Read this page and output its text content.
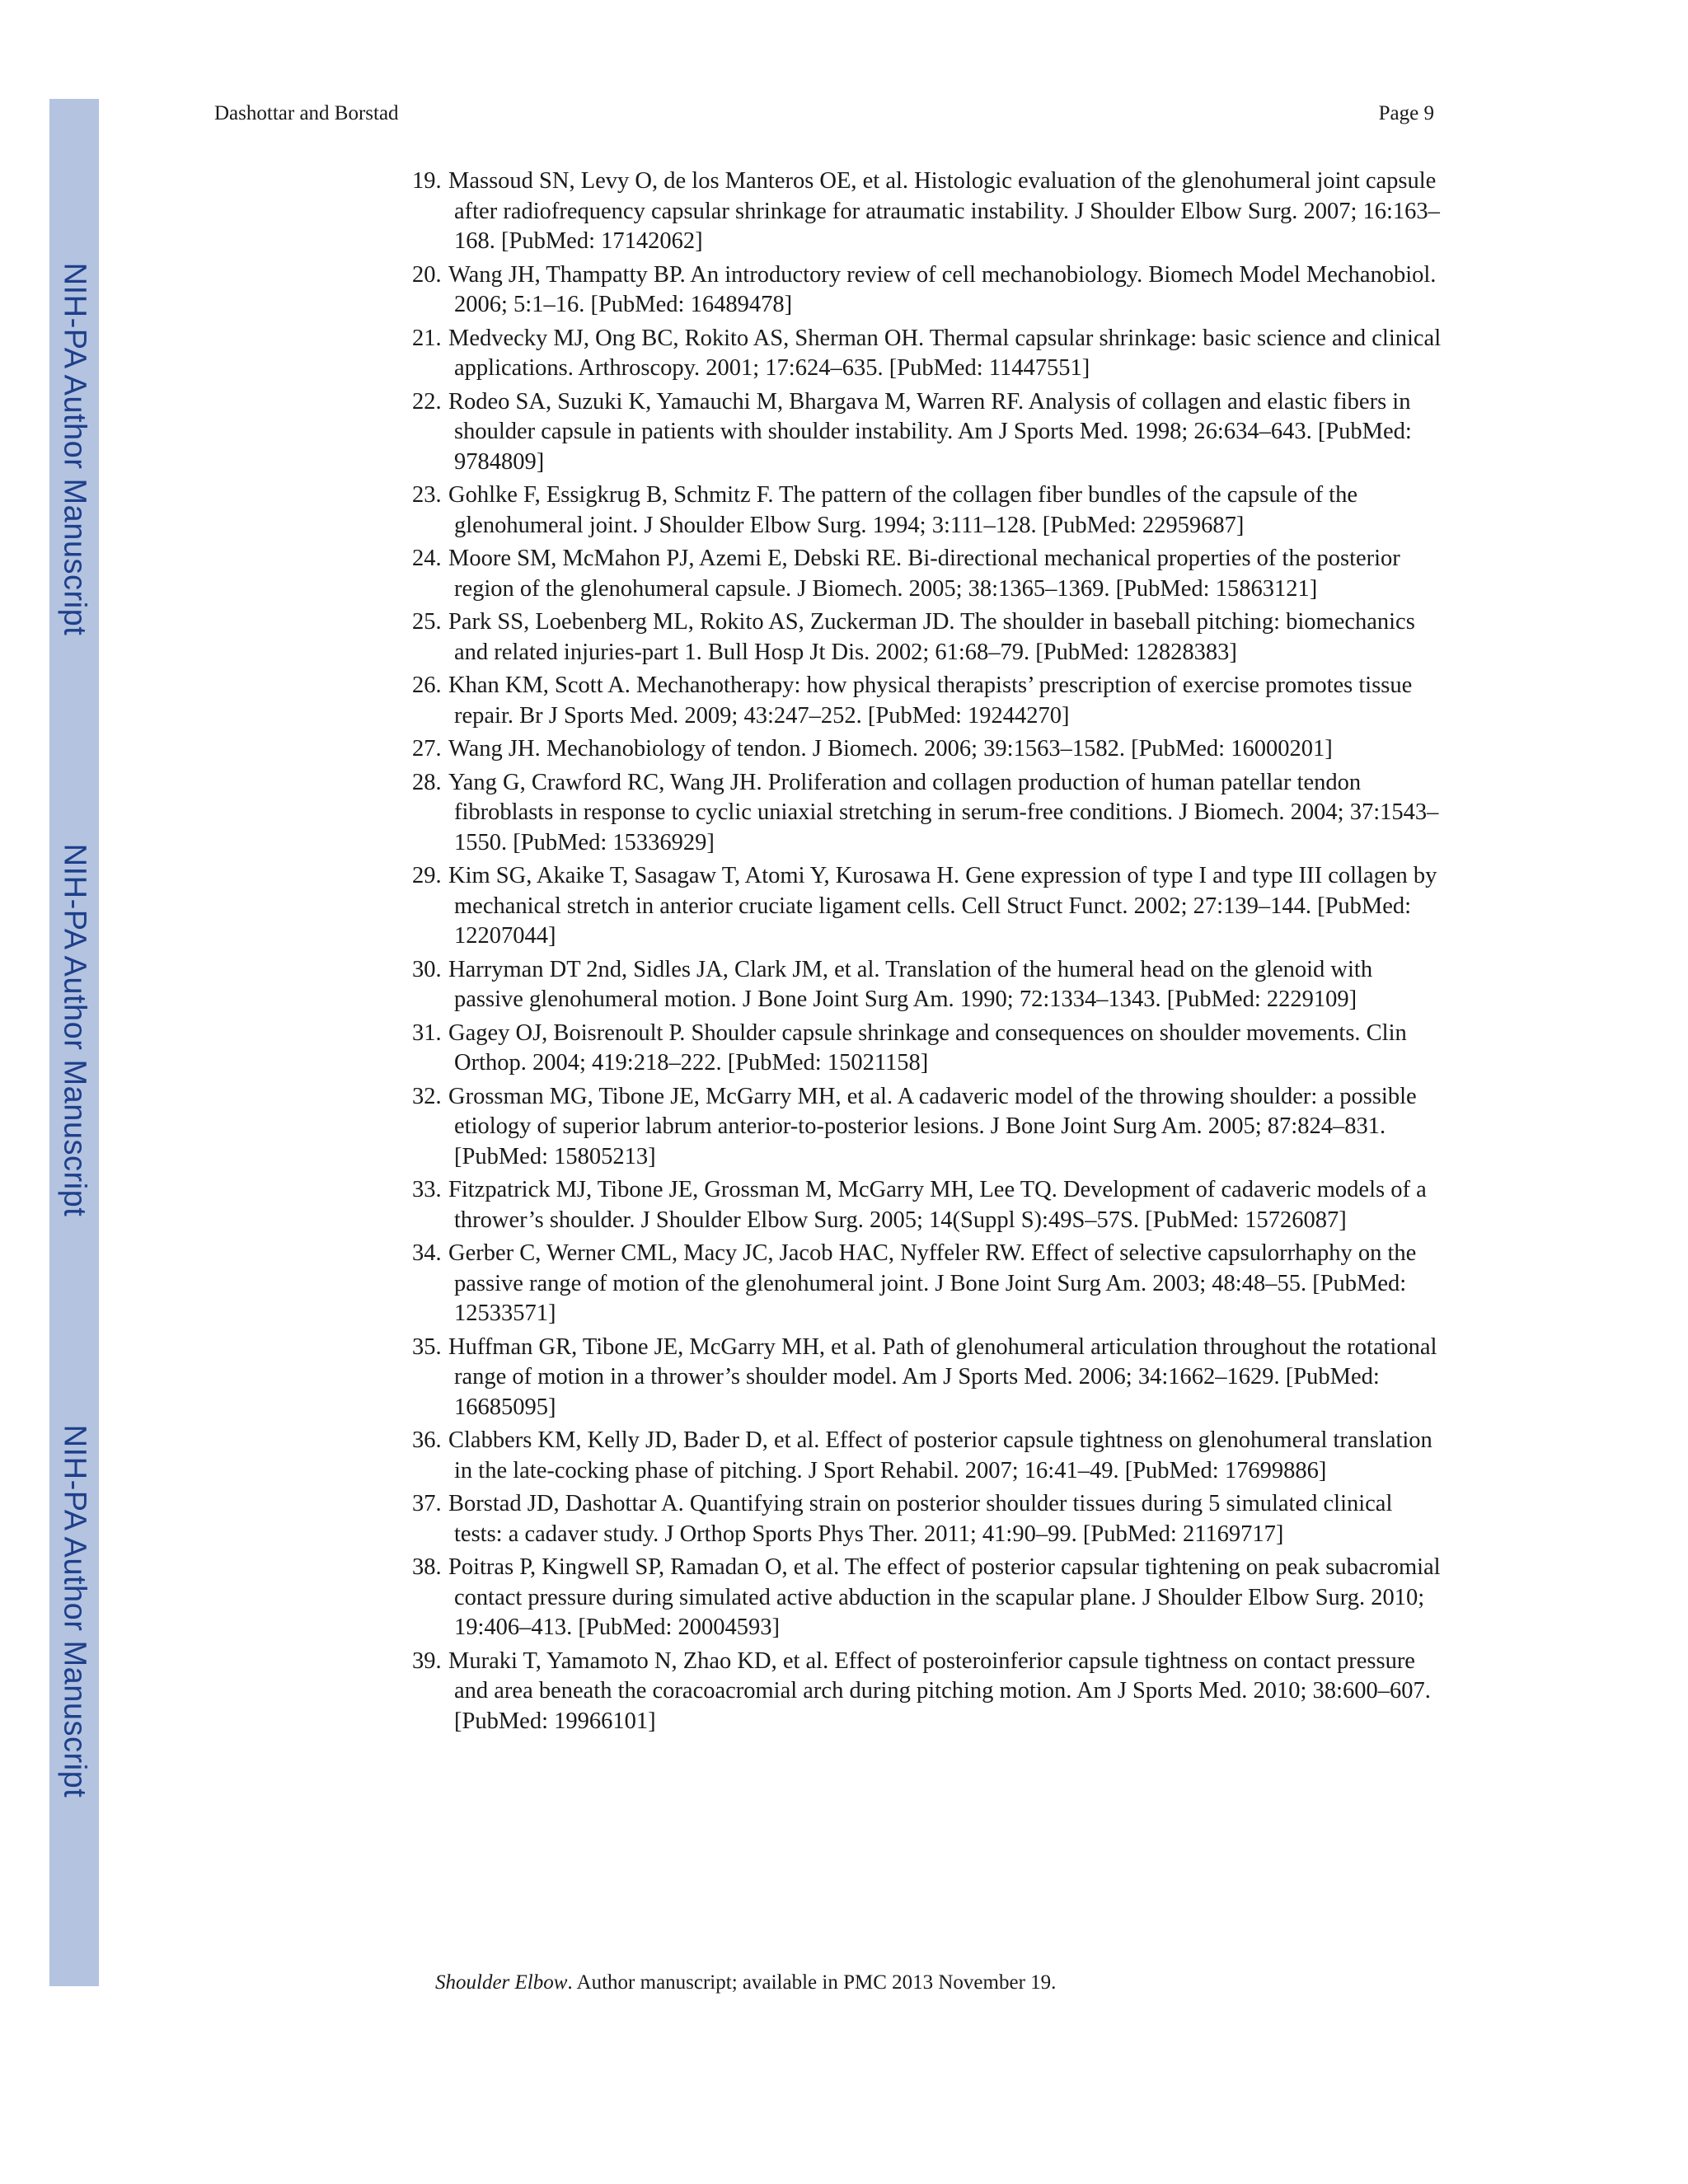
NIH-PA Author Manuscript
NIH-PA Author Manuscript
NIH-PA Author Manuscript
Dashottar and Borstad	Page 9
19. Massoud SN, Levy O, de los Manteros OE, et al. Histologic evaluation of the glenohumeral joint capsule after radiofrequency capsular shrinkage for atraumatic instability. J Shoulder Elbow Surg. 2007; 16:163–168. [PubMed: 17142062]
20. Wang JH, Thampatty BP. An introductory review of cell mechanobiology. Biomech Model Mechanobiol. 2006; 5:1–16. [PubMed: 16489478]
21. Medvecky MJ, Ong BC, Rokito AS, Sherman OH. Thermal capsular shrinkage: basic science and clinical applications. Arthroscopy. 2001; 17:624–635. [PubMed: 11447551]
22. Rodeo SA, Suzuki K, Yamauchi M, Bhargava M, Warren RF. Analysis of collagen and elastic fibers in shoulder capsule in patients with shoulder instability. Am J Sports Med. 1998; 26:634–643. [PubMed: 9784809]
23. Gohlke F, Essigkrug B, Schmitz F. The pattern of the collagen fiber bundles of the capsule of the glenohumeral joint. J Shoulder Elbow Surg. 1994; 3:111–128. [PubMed: 22959687]
24. Moore SM, McMahon PJ, Azemi E, Debski RE. Bi-directional mechanical properties of the posterior region of the glenohumeral capsule. J Biomech. 2005; 38:1365–1369. [PubMed: 15863121]
25. Park SS, Loebenberg ML, Rokito AS, Zuckerman JD. The shoulder in baseball pitching: biomechanics and related injuries-part 1. Bull Hosp Jt Dis. 2002; 61:68–79. [PubMed: 12828383]
26. Khan KM, Scott A. Mechanotherapy: how physical therapists’ prescription of exercise promotes tissue repair. Br J Sports Med. 2009; 43:247–252. [PubMed: 19244270]
27. Wang JH. Mechanobiology of tendon. J Biomech. 2006; 39:1563–1582. [PubMed: 16000201]
28. Yang G, Crawford RC, Wang JH. Proliferation and collagen production of human patellar tendon fibroblasts in response to cyclic uniaxial stretching in serum-free conditions. J Biomech. 2004; 37:1543–1550. [PubMed: 15336929]
29. Kim SG, Akaike T, Sasagaw T, Atomi Y, Kurosawa H. Gene expression of type I and type III collagen by mechanical stretch in anterior cruciate ligament cells. Cell Struct Funct. 2002; 27:139–144. [PubMed: 12207044]
30. Harryman DT 2nd, Sidles JA, Clark JM, et al. Translation of the humeral head on the glenoid with passive glenohumeral motion. J Bone Joint Surg Am. 1990; 72:1334–1343. [PubMed: 2229109]
31. Gagey OJ, Boisrenoult P. Shoulder capsule shrinkage and consequences on shoulder movements. Clin Orthop. 2004; 419:218–222. [PubMed: 15021158]
32. Grossman MG, Tibone JE, McGarry MH, et al. A cadaveric model of the throwing shoulder: a possible etiology of superior labrum anterior-to-posterior lesions. J Bone Joint Surg Am. 2005; 87:824–831. [PubMed: 15805213]
33. Fitzpatrick MJ, Tibone JE, Grossman M, McGarry MH, Lee TQ. Development of cadaveric models of a thrower’s shoulder. J Shoulder Elbow Surg. 2005; 14(Suppl S):49S–57S. [PubMed: 15726087]
34. Gerber C, Werner CML, Macy JC, Jacob HAC, Nyffeler RW. Effect of selective capsulorrhaphy on the passive range of motion of the glenohumeral joint. J Bone Joint Surg Am. 2003; 48:48–55. [PubMed: 12533571]
35. Huffman GR, Tibone JE, McGarry MH, et al. Path of glenohumeral articulation throughout the rotational range of motion in a thrower’s shoulder model. Am J Sports Med. 2006; 34:1662–1629. [PubMed: 16685095]
36. Clabbers KM, Kelly JD, Bader D, et al. Effect of posterior capsule tightness on glenohumeral translation in the late-cocking phase of pitching. J Sport Rehabil. 2007; 16:41–49. [PubMed: 17699886]
37. Borstad JD, Dashottar A. Quantifying strain on posterior shoulder tissues during 5 simulated clinical tests: a cadaver study. J Orthop Sports Phys Ther. 2011; 41:90–99. [PubMed: 21169717]
38. Poitras P, Kingwell SP, Ramadan O, et al. The effect of posterior capsular tightening on peak subacromial contact pressure during simulated active abduction in the scapular plane. J Shoulder Elbow Surg. 2010; 19:406–413. [PubMed: 20004593]
39. Muraki T, Yamamoto N, Zhao KD, et al. Effect of posteroinferior capsule tightness on contact pressure and area beneath the coracoacromial arch during pitching motion. Am J Sports Med. 2010; 38:600–607. [PubMed: 19966101]
Shoulder Elbow. Author manuscript; available in PMC 2013 November 19.
